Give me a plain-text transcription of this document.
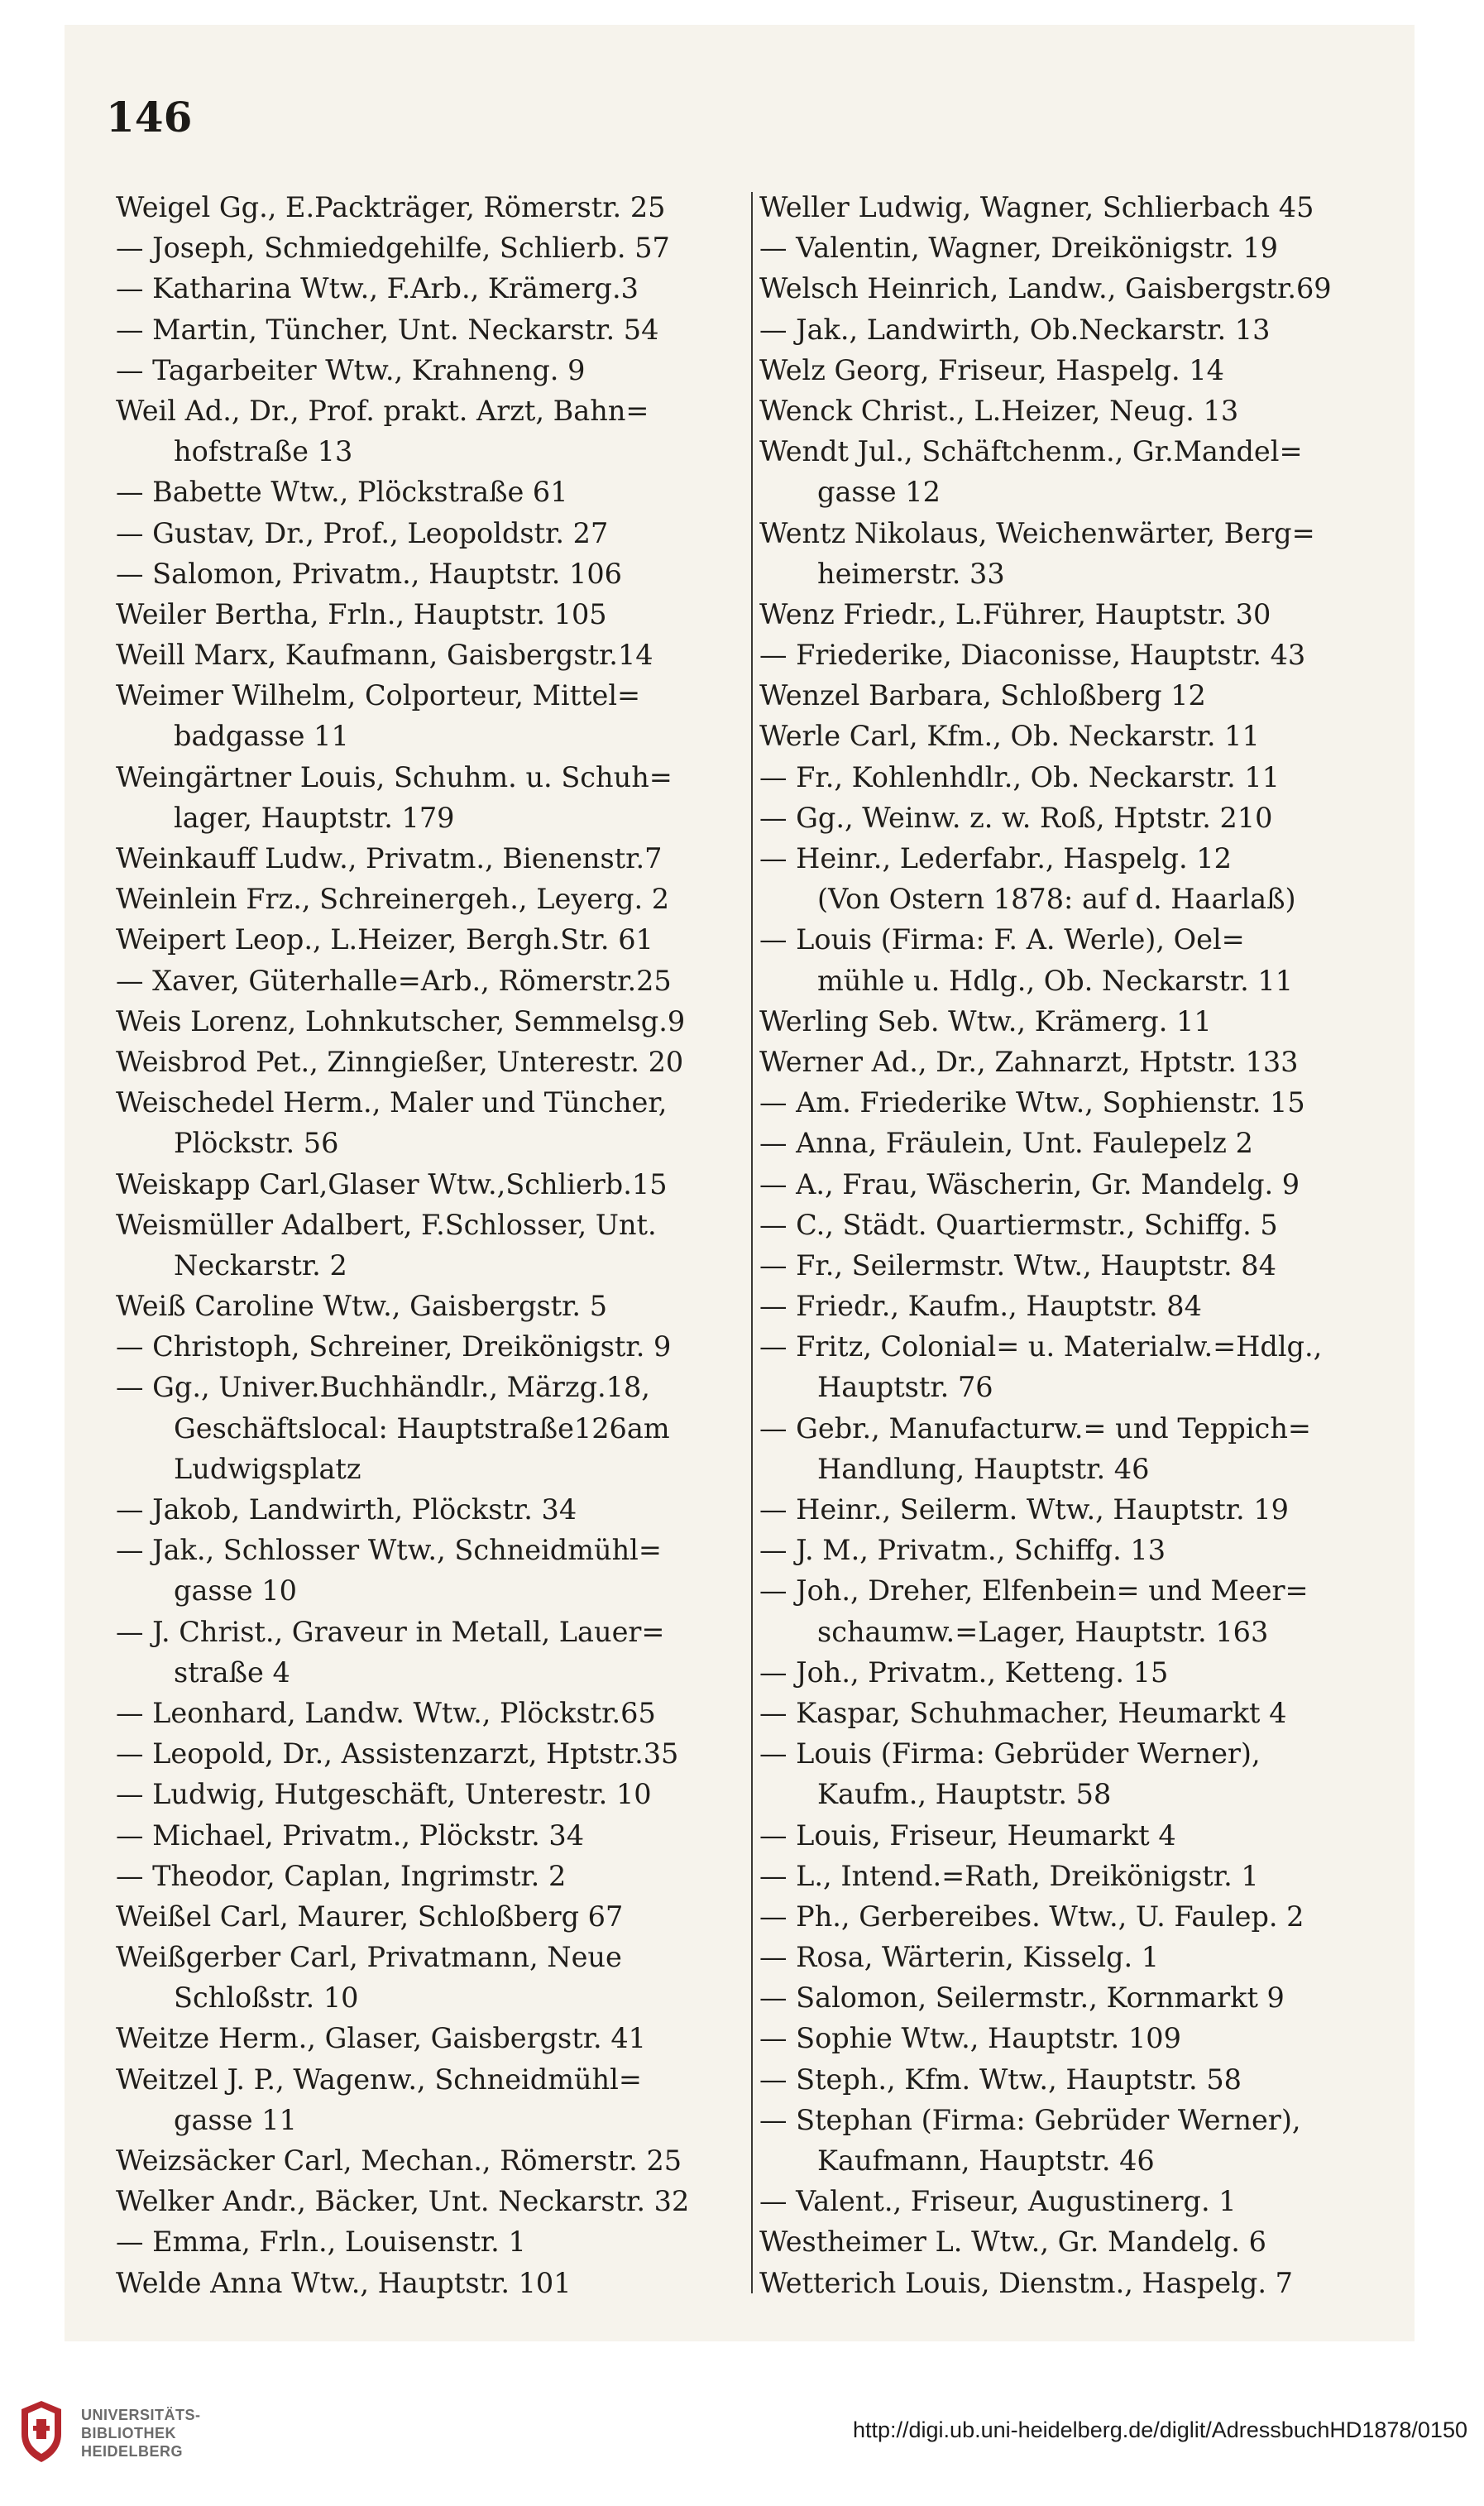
146
Weigel Gg., E.Packträger, Römerstr. 25
— Joseph, Schmiedgehilfe, Schlierb. 57
— Katharina Wtw., F.Arb., Krämerg.3
— Martin, Tüncher, Unt. Neckarstr. 54
— Tagarbeiter Wtw., Krahneng. 9
Weil Ad., Dr., Prof. prakt. Arzt, Bahn=
hofstraße 13
— Babette Wtw., Plöckstraße 61
— Gustav, Dr., Prof., Leopoldstr. 27
— Salomon, Privatm., Hauptstr. 106
Weiler Bertha, Frln., Hauptstr. 105
Weill Marx, Kaufmann, Gaisbergstr.14
Weimer Wilhelm, Colporteur, Mittel=
badgasse 11
Weingärtner Louis, Schuhm. u. Schuh=
lager, Hauptstr. 179
Weinkauff Ludw., Privatm., Bienenstr.7
Weinlein Frz., Schreinergeh., Leyerg. 2
Weipert Leop., L.Heizer, Bergh.Str. 61
— Xaver, Güterhalle=Arb., Römerstr.25
Weis Lorenz, Lohnkutscher, Semmelsg.9
Weisbrod Pet., Zinngießer, Unterestr. 20
Weischedel Herm., Maler und Tüncher,
Plöckstr. 56
Weiskapp Carl,Glaser Wtw.,Schlierb.15
Weismüller Adalbert, F.Schlosser, Unt.
Neckarstr. 2
Weiß Caroline Wtw., Gaisbergstr. 5
— Christoph, Schreiner, Dreikönigstr. 9
— Gg., Univer.Buchhändlr., Märzg.18,
Geschäftslocal: Hauptstraße126am
Ludwigsplatz
— Jakob, Landwirth, Plöckstr. 34
— Jak., Schlosser Wtw., Schneidmühl=
gasse 10
— J. Christ., Graveur in Metall, Lauer=
straße 4
— Leonhard, Landw. Wtw., Plöckstr.65
— Leopold, Dr., Assistenzarzt, Hptstr.35
— Ludwig, Hutgeschäft, Unterestr. 10
— Michael, Privatm., Plöckstr. 34
— Theodor, Caplan, Ingrimstr. 2
Weißel Carl, Maurer, Schloßberg 67
Weißgerber Carl, Privatmann, Neue
Schloßstr. 10
Weitze Herm., Glaser, Gaisbergstr. 41
Weitzel J. P., Wagenw., Schneidmühl=
gasse 11
Weizsäcker Carl, Mechan., Römerstr. 25
Welker Andr., Bäcker, Unt. Neckarstr. 32
— Emma, Frln., Louisenstr. 1
Welde Anna Wtw., Hauptstr. 101
Weller Ludwig, Wagner, Schlierbach 45
— Valentin, Wagner, Dreikönigstr. 19
Welsch Heinrich, Landw., Gaisbergstr.69
— Jak., Landwirth, Ob.Neckarstr. 13
Welz Georg, Friseur, Haspelg. 14
Wenck Christ., L.Heizer, Neug. 13
Wendt Jul., Schäftchenm., Gr.Mandel=
gasse 12
Wentz Nikolaus, Weichenwärter, Berg=
heimerstr. 33
Wenz Friedr., L.Führer, Hauptstr. 30
— Friederike, Diaconisse, Hauptstr. 43
Wenzel Barbara, Schloßberg 12
Werle Carl, Kfm., Ob. Neckarstr. 11
— Fr., Kohlenhdlr., Ob. Neckarstr. 11
— Gg., Weinw. z. w. Roß, Hptstr. 210
— Heinr., Lederfabr., Haspelg. 12
(Von Ostern 1878: auf d. Haarlaß)
— Louis (Firma: F. A. Werle), Oel=
mühle u. Hdlg., Ob. Neckarstr. 11
Werling Seb. Wtw., Krämerg. 11
Werner Ad., Dr., Zahnarzt, Hptstr. 133
— Am. Friederike Wtw., Sophienstr. 15
— Anna, Fräulein, Unt. Faulepelz 2
— A., Frau, Wäscherin, Gr. Mandelg. 9
— C., Städt. Quartiermstr., Schiffg. 5
— Fr., Seilermstr. Wtw., Hauptstr. 84
— Friedr., Kaufm., Hauptstr. 84
— Fritz, Colonial= u. Materialw.=Hdlg.,
Hauptstr. 76
— Gebr., Manufacturw.= und Teppich=
Handlung, Hauptstr. 46
— Heinr., Seilerm. Wtw., Hauptstr. 19
— J. M., Privatm., Schiffg. 13
— Joh., Dreher, Elfenbein= und Meer=
schaumw.=Lager, Hauptstr. 163
— Joh., Privatm., Ketteng. 15
— Kaspar, Schuhmacher, Heumarkt 4
— Louis (Firma: Gebrüder Werner),
Kaufm., Hauptstr. 58
— Louis, Friseur, Heumarkt 4
— L., Intend.=Rath, Dreikönigstr. 1
— Ph., Gerbereibes. Wtw., U. Faulep. 2
— Rosa, Wärterin, Kisselg. 1
— Salomon, Seilermstr., Kornmarkt 9
— Sophie Wtw., Hauptstr. 109
— Steph., Kfm. Wtw., Hauptstr. 58
— Stephan (Firma: Gebrüder Werner),
Kaufmann, Hauptstr. 46
— Valent., Friseur, Augustinerg. 1
Westheimer L. Wtw., Gr. Mandelg. 6
Wetterich Louis, Dienstm., Haspelg. 7
UNIVERSITÄTS-
BIBLIOTHEK
HEIDELBERG
http://digi.ub.uni-heidelberg.de/diglit/AdressbuchHD1878/0150
